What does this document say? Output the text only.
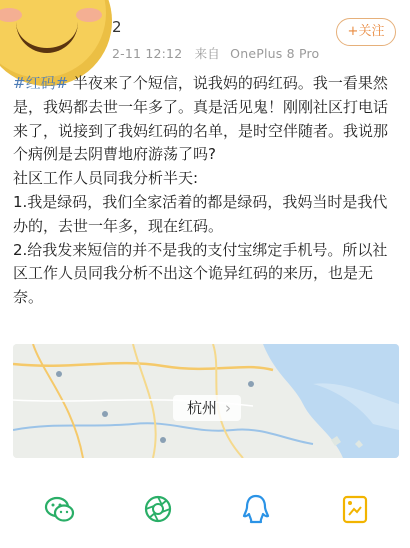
2
2-11 12:12 来自 OnePlus 8 Pro
+关注

#红码# 半夜来了个短信，说我妈的码红码。我一看果然是，我妈都去世一年多了。真是活见鬼！刚刚社区打电话来了，说接到了我妈红码的名单，是时空伴随者。我说那个病例是去阴曹地府游荡了吗?

社区工作人员同我分析半天:

1.我是绿码，我们全家活着的都是绿码，我妈当时是我代办的，去世一年多，现在红码。

2.给我发来短信的并不是我的支付宝绑定手机号。所以社区工作人员同我分析不出这个诡异红码的来历，也是无奈。

杭州 ›
